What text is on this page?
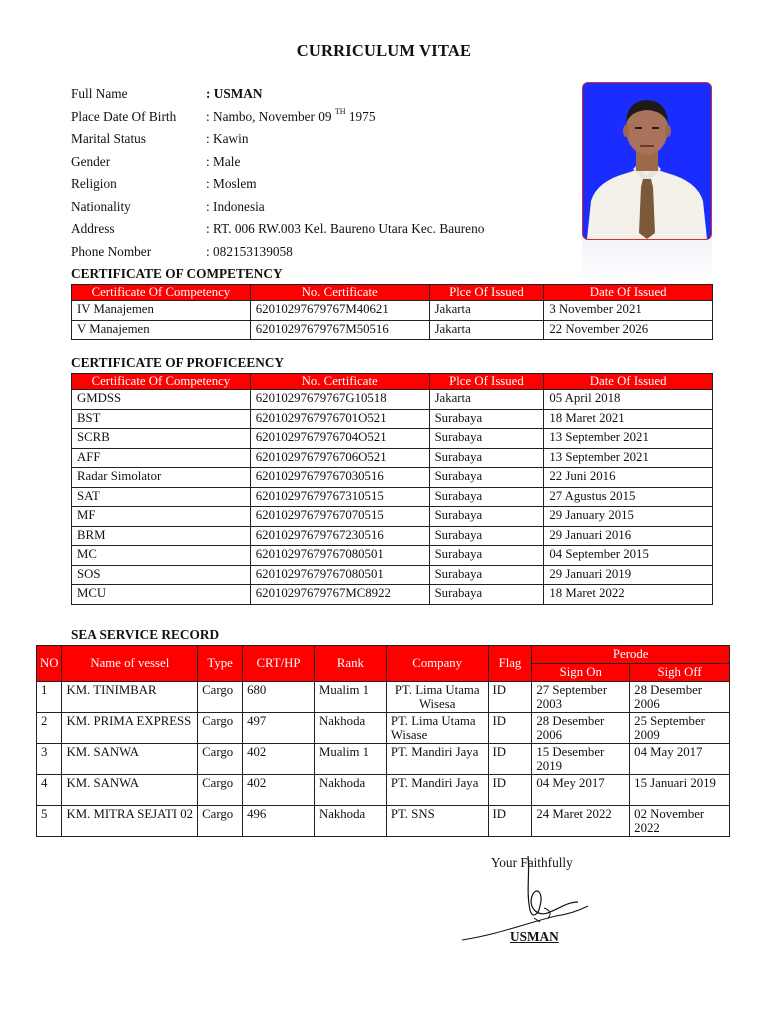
CURRICULUM VITAE
Full Name	: USMAN
Place Date Of Birth : Nambo, November 09 $^{TH}$ 1975
Marital Status	: Kawin
Gender	: Male
Religion	: Moslem
Nationality	: Indonesia
Address	: RT. 006 RW.003 Kel. Baureno Utara Kec. Baureno
Phone Nomber	: 082153139058
CERTIFICATE OF COMPETENCY
Certificate Of Competency	No. Certificate	Plce Of Issued	Date Of Issued
IV Manajemen	62010297679767M40621	Jakarta	3 November 2021
V Manajemen	62010297679767M50516	Jakarta	22 November 2026
CERTIFICATE OF PROFICEENCY
Certificate Of Competency	No. Certificate	Plce Of Issued	Date Of Issued
GMDSS	62010297679767G10518	Jakarta	05 April 2018
BST	6201029767976701O521	Surabaya	18 Maret 2021
SCRB	6201029767976704O521	Surabaya	13 September 2021
AFF	6201029767976706O521	Surabaya	13 September 2021
Radar Simolator	62010297679767030516	Surabaya	22 Juni 2016
SAT	62010297679767310515	Surabaya	27 Agustus 2015
MF	62010297679767070515	Surabaya	29 January 2015
BRM	62010297679767230516	Surabaya	29 Januari 2016
MC	62010297679767080501	Surabaya	04 September 2015
SOS	62010297679767080501	Surabaya	29 Januari 2019
MCU	62010297679767MC8922	Surabaya	18 Maret 2022
SEA SERVICE RECORD
NO	Name of vessel	Type	CRT/HP	Rank	Company	Flag	Perode	
							Sign On	Sigh Off
1	KM. TINIMBAR	Cargo	680	Mualim 1	PT. Lima Utama Wisesa	ID	27 September 2003	28 Desember 2006
2	KM. PRIMA EXPRESS	Cargo	497	Nakhoda	PT. Lima Utama Wisase	ID	28 Desember 2006	25 September 2009
3	KM. SANWA	Cargo	402	Mualim 1	PT. Mandiri Jaya	ID	15 Desember 2019	04 May 2017
4	KM. SANWA	Cargo	402	Nakhoda	PT. Mandiri Jaya	ID	04 Mey 2017	15 Januari 2019
5	KM. MITRA SEJATI 02	Cargo	496	Nakhoda	PT. SNS	ID	24 Maret 2022	02 November 2022
Your Faithfully
USMAN
